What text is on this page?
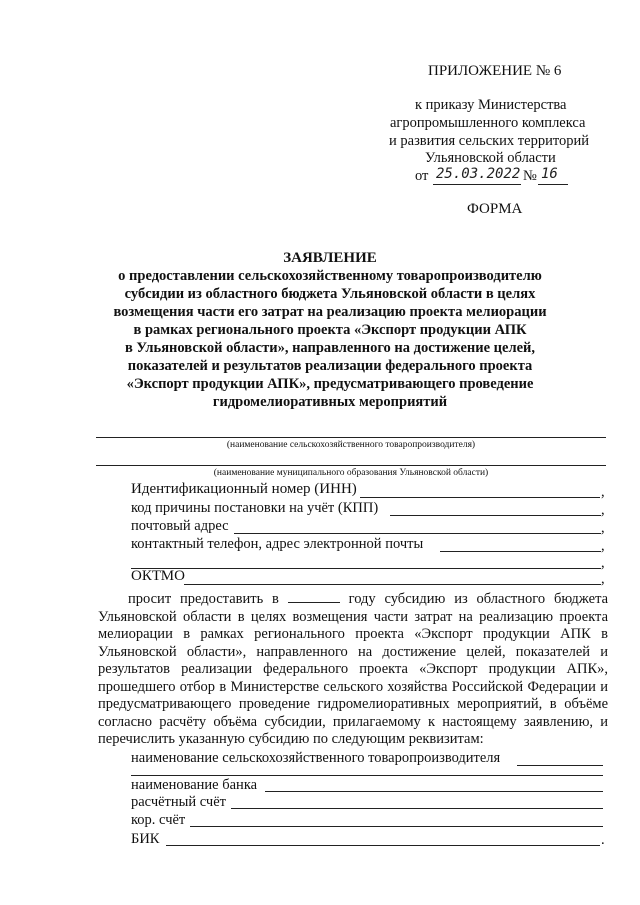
ПРИЛОЖЕНИЕ № 6
к приказу Министерства
агропромышленного комплекса
и развития сельских территорий
Ульяновской области
от 25.03.2022 № 16
ФОРМА
ЗАЯВЛЕНИЕ
о предоставлении сельскохозяйственному товаропроизводителю
субсидии из областного бюджета Ульяновской области в целях
возмещения части его затрат на реализацию проекта мелиорации
в рамках регионального проекта «Экспорт продукции АПК
в Ульяновской области», направленного на достижение целей,
показателей и результатов реализации федерального проекта
«Экспорт продукции АПК», предусматривающего проведение
гидромелиоративных мероприятий
(наименование сельскохозяйственного товаропроизводителя)
(наименование муниципального образования Ульяновской области)
Идентификационный номер (ИНН)	,
код причины постановки на учёт (КПП)	,
почтовый адрес	,
контактный телефон, адрес электронной почты	,
,
ОКТМО	,

просит предоставить в	году субсидию из областного бюджета Ульяновской области в целях возмещения части затрат на реализацию проекта мелиорации в рамках регионального проекта «Экспорт продукции АПК в Ульяновской области», направленного на достижение целей, показателей и результатов реализации федерального проекта «Экспорт продукции АПК», прошедшего отбор в Министерстве сельского хозяйства Российской Федерации и предусматривающего проведение гидромелиоративных мероприятий, в объёме согласно расчёту объёма субсидии, прилагаемому к настоящему заявлению, и перечислить указанную субсидию по следующим реквизитам:

наименование сельскохозяйственного товаропроизводителя
наименование банка
расчётный счёт
кор. счёт
БИК	.
